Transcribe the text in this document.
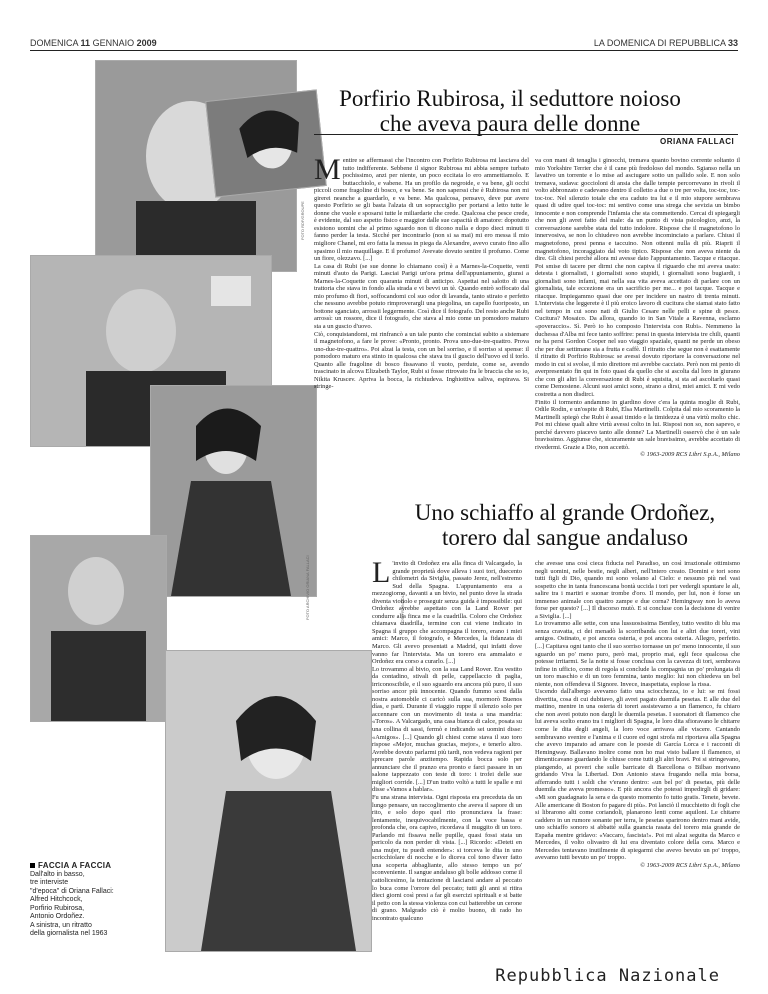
DOMENICA 11 GENNAIO 2009	LA DOMENICA DI REPUBBLICA 33
FOTO RDF/GROUPE
FOTO ARCHIVIO ORIANA FALLACI	FOTO RAINDOLA
Porfirio Rubirosa, il seduttore noioso
che aveva paura delle donne
ORIANA FALLACI

Mentire se affermassi che l'incontro con Porfirio Rubirosa mi lasciava del tutto indifferente. Sebbene il signor Rubirosa mi abbia sempre turbato pochissimo, anzi per niente, un poco eccitata lo ero ammettiamolo. E buttacchiolo, e vabene. Ha un profilo da negroide, e va bene, gli occhi piccoli come fragoline di bosco, e va bene. Se non saperssi che è Rubirosa non mi girerei neanche a guardarlo, e va bene. Ma qualcosa, pensavo, deve pur avere questo Porfirio se gli basta l'alzata di un sopracciglio per portarsi a letto tutte le donne che vuole e sposarsi tutte le miliardarie che crede. Qualcosa che pesce crede, è evidente, dal suo aspetto fisico e maggior dalle sue capacità di amatore: dopotutto esistono uomini che al primo sguardo non ti dicono nulla e dopo dieci minuti ti fanno perder la testa. Sicché per incontrarlo (non si sa mai) mi ero messa il mio migliore Chanel, mi ero fatta la messa in piega da Alexandre, avevo curato fino allo spasimo il mio maquillage. E il profumo! Avevate dovuto sentire il profumo. Come un fiore, olezzavo. [...]

La casa di Rubi (se sue donne lo chiamano così) è a Marnes-la-Coquette, venti minuti d'auto da Parigi. Lasciai Parigi un'ora prima dell'appuntamento, giunsi a Marnes-la-Coquette con quaranta minuti di anticipo. Aspettai nel salotto di una trattoria che stava in fondo alla strada e vi bevvi un tè. Quando entrò soffocato dal mio profumo di fiori, soffocandomi col suo odor di lavanda, tanto stirato e perfetto che nessuno avrebbe potuto rimproverargli una piegolina, un capello fuoriposto, un bottone sganciato, arrossii leggermente. Così dice il fotografo. Del resto anche Rubi arrossì: un rossore, dice il fotografo, che stava al mio come un pomodoro maturo sta a un guscio d'uovo.

Ciò, conquistandomi, mi rinfrancò a un tale punto che cominciai subito a sistemare il magnetofono, a fare le prove: «Pronto, pronto. Prova uno-due-tre-quattro. Prova uno-due-tre-quattro». Poi alzai la testa, con un bel sorriso, e il sorriso si spense: il pomodoro maturo era stinto in qualcosa che stava tra il guscio dell'uovo ed il torlo. Quanto alle fragoline di bosco fissavano il vuoto, perdute, come se, avendo trascinato in alcova Elizabeth Taylor, Rubi si fosse ritrovato fra le braccia che so io, Nikita Kruscev. Apriva la bocca, la richiudeva. Inghiottiva saliva, espirava. Si stringe-

va con mani di tenaglia i ginocchi, tremava quanto bovino corrente soltanto il mio Yorkshire Terrier che è il cane più fredoloso del mondo. Sgianso nella un lavativo un torrente e lo mise ad asciugare sotto un pallido sole. E non solo tremava, sudava: goccioloni di ansia che dalle tempie percorrevano in rivoli il volto abbronzato e cadevano dentro il colletto a due o tre per volta, toc-toc, toc-toc-toc. Nel silenzio totale che era caduto tra lui e il mio stupore sembrava quasi di udire quel toc-toc: mi sentivo come una strega che sevizia un bimbo innocente e non comprende l'infamia che sta commettendo. Cercai di spiegargli che non gli avrei fatto del male: da un punto di vista psicologico, anzi, la conversazione sarebbe stata del tutto indolore. Rispose che il magnetofono lo innervosiva, se non lo chiudevo non avrebbe incominciato a parlare. Chiusi il magnetofono, presi penna e taccuino. Non ottenni nulla di più. Riaprii il magnetofono, incoraggiato dal voto tipico. Rispose che non aveva niente da dire. Gli chiesi perché allora mi avesse dato l'appuntamento. Tacque e ritacque. Poi smise di tacere per dirmi che non capiva il riguardo che mi aveva usato: detesta i giornalisti, i giornalisti sono stupidi, i giornalisti sono bugiardi, i giornalisti sono infami, mai nella sua vita aveva accettato di parlare con un giornalista, tale eccezione era un sacrificio per me... e poi tacque. Tacque e ritacque. Impiegammo quasi due ore per incidere un nastro di trenta minuti. L'intervista che leggerete è il più eroico lavoro di cucitura che siamai stato fatto nel tempo in cui sono nati di Giulio Cesare nelle pelli e spine di pesce. Cucitura? Mosaico. Da allora, quando io in San Vitale a Ravenna, esclamo «poveraccio». Sì. Però io ho composto l'intervista con Rubi». Nemmeno la duchessa d'Alba mi fece tanto soffrire: pensi in questa intervista tre chili, quanti ne ha persi Gordon Cooper nel suo viaggio spaziale, quanti ne perde un obeso che per due settimane sia a frutta e caffè. Il ritratto che segue non è esattamente il ritratto di Porfirio Rubirosa: se avessi dovuto riportare la conversazione nel modo in cui si svolse, il mio direttore mi avrebbe cacciato. Però non mi pento di averpresentato fin qui in foto quasi da quello che si ascolta dal loro in giurano che con gli altri la conversazione di Rubi è squisita, si sta ad ascoltarlo quasi come Demostene. Alcuni suoi amici sono, strano a dirsi, miei amici. E mi vedo costretta a non disdirci.

Finito il tormento andammo in giardino dove c'era la quinta moglie di Rubi, Odile Rodin, e un'ospite di Rubi, Elsa Martinelli. Colpita dal mio scoramento la Martinelli spiegò che Rubi è assai timido e la timidezza è una virtù molto chic. Poi mi chiese quali altre virtù avessi colto in lui. Risposi non so, non sapevo, e perché davvero piacevo tanto alle donne? La Martinelli osservò che è un sale bravissimo. Aggiunse che, sicuramente un sale bravissimo, avrebbe accettato di rivedermi. Grazie a Dio, non accettò.

© 1963-2009 RCS Libri S.p.A., Milano
Uno schiaffo al grande Ordoñez,
torero dal sangue andaluso

L 'invito di Ordoñez era alla finca di Valcargado, la grande proprietà dove alleva i suoi tori, duecento chilometri da Siviglia, passato Jerez, nell'estremo Sud della Spagna. L'appuntamento era a mezzogiorno, davanti a un bivio, nel punto dove la strada diventa viottolo e proseguir senza guida è impossibile: qui Ordoñez avrebbe aspettato con la Land Rover per condurre alla finca me e la cuadrilla. Coloro che Ordoñez chiamava cuadrilla, termine con cui viene indicato in Spagna il gruppo che accompagna il torero, erano i miei amici: Marco, il fotografo, e Mercedes, la fidanzata di Marco. Gli avevo presentati a Madrid, qui infatti dove vanno far l'intervista. Ma un torero era ammalato e Ordoñez era corso a curarlo. [...]

Lo trovammo al bivio, con la sua Land Rover. Era vestito da contadino, stivali di pelle, cappellaccio di paglia, irriconoscibile, e il suo sguardo era ancora più puro, il suo sorriso ancor più innocente. Quando fummo scesi dalla nostra automobile ci caricò sulla sua, mormorò Buenos días, e partì. Durante il viaggio ruppe il silenzio solo per accennare con un movimento di testa a una mandria: «Toros». A Valcargado, una casa bianca di calce, posata su una collina di sassi, fermò e indicando sei uomini disse: «Amigos». [...] Quando gli chiesi come stava il suo toro rispose «Mejor, muchas gracias, mejor», e tenerlo altro. Avrebbe dovuto parlarmi più tardi, non vedeva ragioni per sprecare parole anzitempo. Rapida bocca solo per annunciare che il pranzo era pronto e farci passare in un salone tappezzato con teste di toro: i trofei delle sue migliori corride. [...] D'un tratto voltò a tutti le spalle e mi disse «Vamos a hablar».

Fu una strana intervista. Ogni risposta era preceduta da un lungo pensare, un raccoglimento che aveva il sapore di un rito, e solo dopo quel rito pronunciava la frase: lentamente, inequivocabilmente, con la voce bassa e profonda che, ora capivo, ricordava il muggito di un toro. Parlando mi fissava nelle pupille, quasi fossi stata un pericolo da non perder di vista. [...] Ricordo: «Deteti en una mujer, tu puedi entender»: si torceva le dita in uno scricchiolare di nocche e lo diceva col tono d'aver fatto una scoperta abbagliante, allo stesso tempo un po' sconveniente. Il sangue andaluso gli bolle addosso come il cattolicesimo, la tentazione di lasciarsi andare al peccato lo buca come l'orrore del peccato; tutti gli anni si ritira dieci giorni così presi a far gli esercizi spirituali e si batte il petto con la stessa violenza con cui batterebbe un cerone di grano. Malgrado ciò è molto buono, di rado ho incontrato qualcuno

che avesse una così cieca fiducia nel Paradiso, un così irrazionale ottimismo negli uomini, nelle bestie, negli alberi, nell'intero creato. Domini e tori sono tutti figli di Dio, quando mi sono volano al Cielo: e nessuno più nel vasi sospetto che in tanta francescana bontà uccida i tori per vedergli spuntare le ali, salire tra i martiri e suonar trombe d'oro. Il mondo, per lui, non è forse un immenso animale con quattro zampe e due corna? Hemingway non lo aveva forse per questo? [...] Il discorso mutò. E si concluse con la decisione di venire a Siviglia. [...]

Lo trovammo alle sette, con una lussuosissima Bentley, tutto vestito di blu ma senza cravatta, ci dei menadò la scorribanda con lui e altri due toreri, vini amigos. Ostinato, e poi ancora osteria, e poi ancora osteria. Allegro, perfetto. [...] Capitava ogni tanto che il suo sorriso tornasse un po' meno innocente, il suo sguardo un po' meno puro, però mai, proprio mai, egli fece qualcosa che potesse irritarmi. Se la notte si fosse conclusa con la cavezza di tori, sembrava infine in ufficio, come di regola si conclude la compagnia un po' prolungata di un toro maschio e di un toro femmina, tanto meglio: lui non chiedeva un bel niente, non offendeva il Signore. Invece, inaspettata, esplose la rissa.

Uscendo dall'albergo avevamo fatto una sciocchezza, io e lui: se mi fossi divertita, cosa di cui dubitavo, gli avrei pagato duemila pesetas. E alle due del mattino, mentre in una osteria di toreri assistevamo a un flamenco, fu chiaro che non avrei potuto non dargli le duemila pesetas. I suonatori di flamenco che lui aveva scelto erano tra i migliori di Spagna, le loro dita sfioravano le chitarre come le dita degli angeli, la loro voce arrivava alle viscere. Cantando sembravano svenire e l'anima e il cuore ed ogni strofa mi riportava alla Spagna che avevo imparato ad amare con le poesie di García Lorca e i racconti di Hemingway. Ballavano inoltre come non ho mai visto ballare il flamenco, si dimenticavano guardando le chiuse come tutti gli altri bravi. Poi si stringevano, piangendo, ai poveri che sulle barricate di Barcellona o Bilbao morivano gridando Viva la Libertad. Don Antonio stava frugando nella mia borsa, afferrando tutti i soldi che v'erano dentro: «un bel po' di pesetas, più delle duemila che aveva promesso». E più ancora che potessi impedirgli di gridare: «Mi son guadagnato la sera e da questo momento fo tutto gratis. Tenete, bevete. Alle americane di Boston fo pagare di più». Poi lanciò il mucchietto di fogli che si librarono alti come coriandoli, planarono lenti come aquiloni. Le chitarre caddero in un rumore sonante per terra, le pesetas sparirono dentro mani avide, uno schiaffo sonoro si abbatté sulla guancia rasata del torero mia grande de España mentre gridavo: «Vaccaro, fascista!». Poi mi alzai seguita da Marco e Mercedes, il volto olivastro di lui era diventato colore della cera. Marco e Mercedes tentavano inutilmente di spiegarmi che avevo bevuto un po' troppo, avevamo tutti bevuto un po' troppo.

© 1963-2009 RCS Libri S.p.A., Milano
FACCIA A FACCIA
Dall'alto in basso,
tre interviste
"d'epoca" di Oriana Fallaci:
Alfred Hitchcock,
Porfirio Rubirosa,
Antonio Ordoñez.
A sinistra, un ritratto
della giornalista nel 1963
Repubblica Nazionale
